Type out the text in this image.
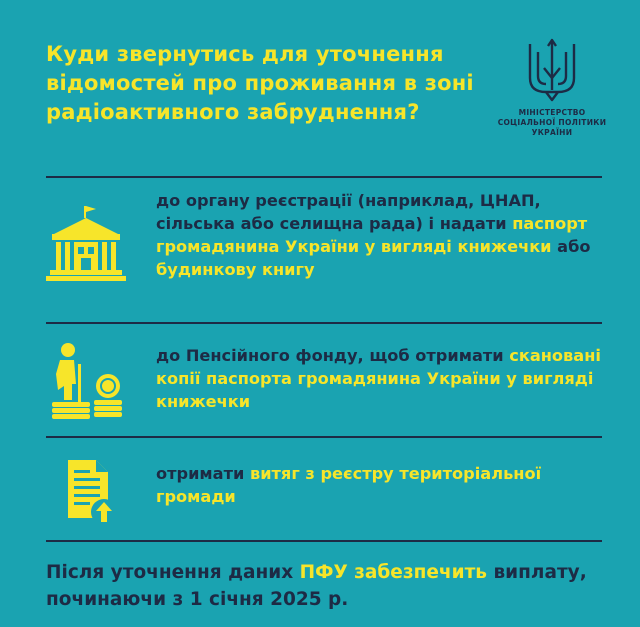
Куди звернутись для уточнення відомостей про проживання в зоні радіоактивного забруднення?	МІНІСТЕРСТВО
СОЦІАЛЬНОЇ ПОЛІТИКИ
УКРАЇНИ
до органу реєстрації (наприклад, ЦНАП, сільська або селищна рада) і надати паспорт громадянина України у вигляді книжечки або будинкову книгу
до Пенсійного фонду, щоб отримати скановані копії паспорта громадянина України у вигляді книжечки
отримати витяг з реєстру територіальної громади
Після уточнення даних ПФУ забезпечить виплату, починаючи з 1 січня 2025 р.
